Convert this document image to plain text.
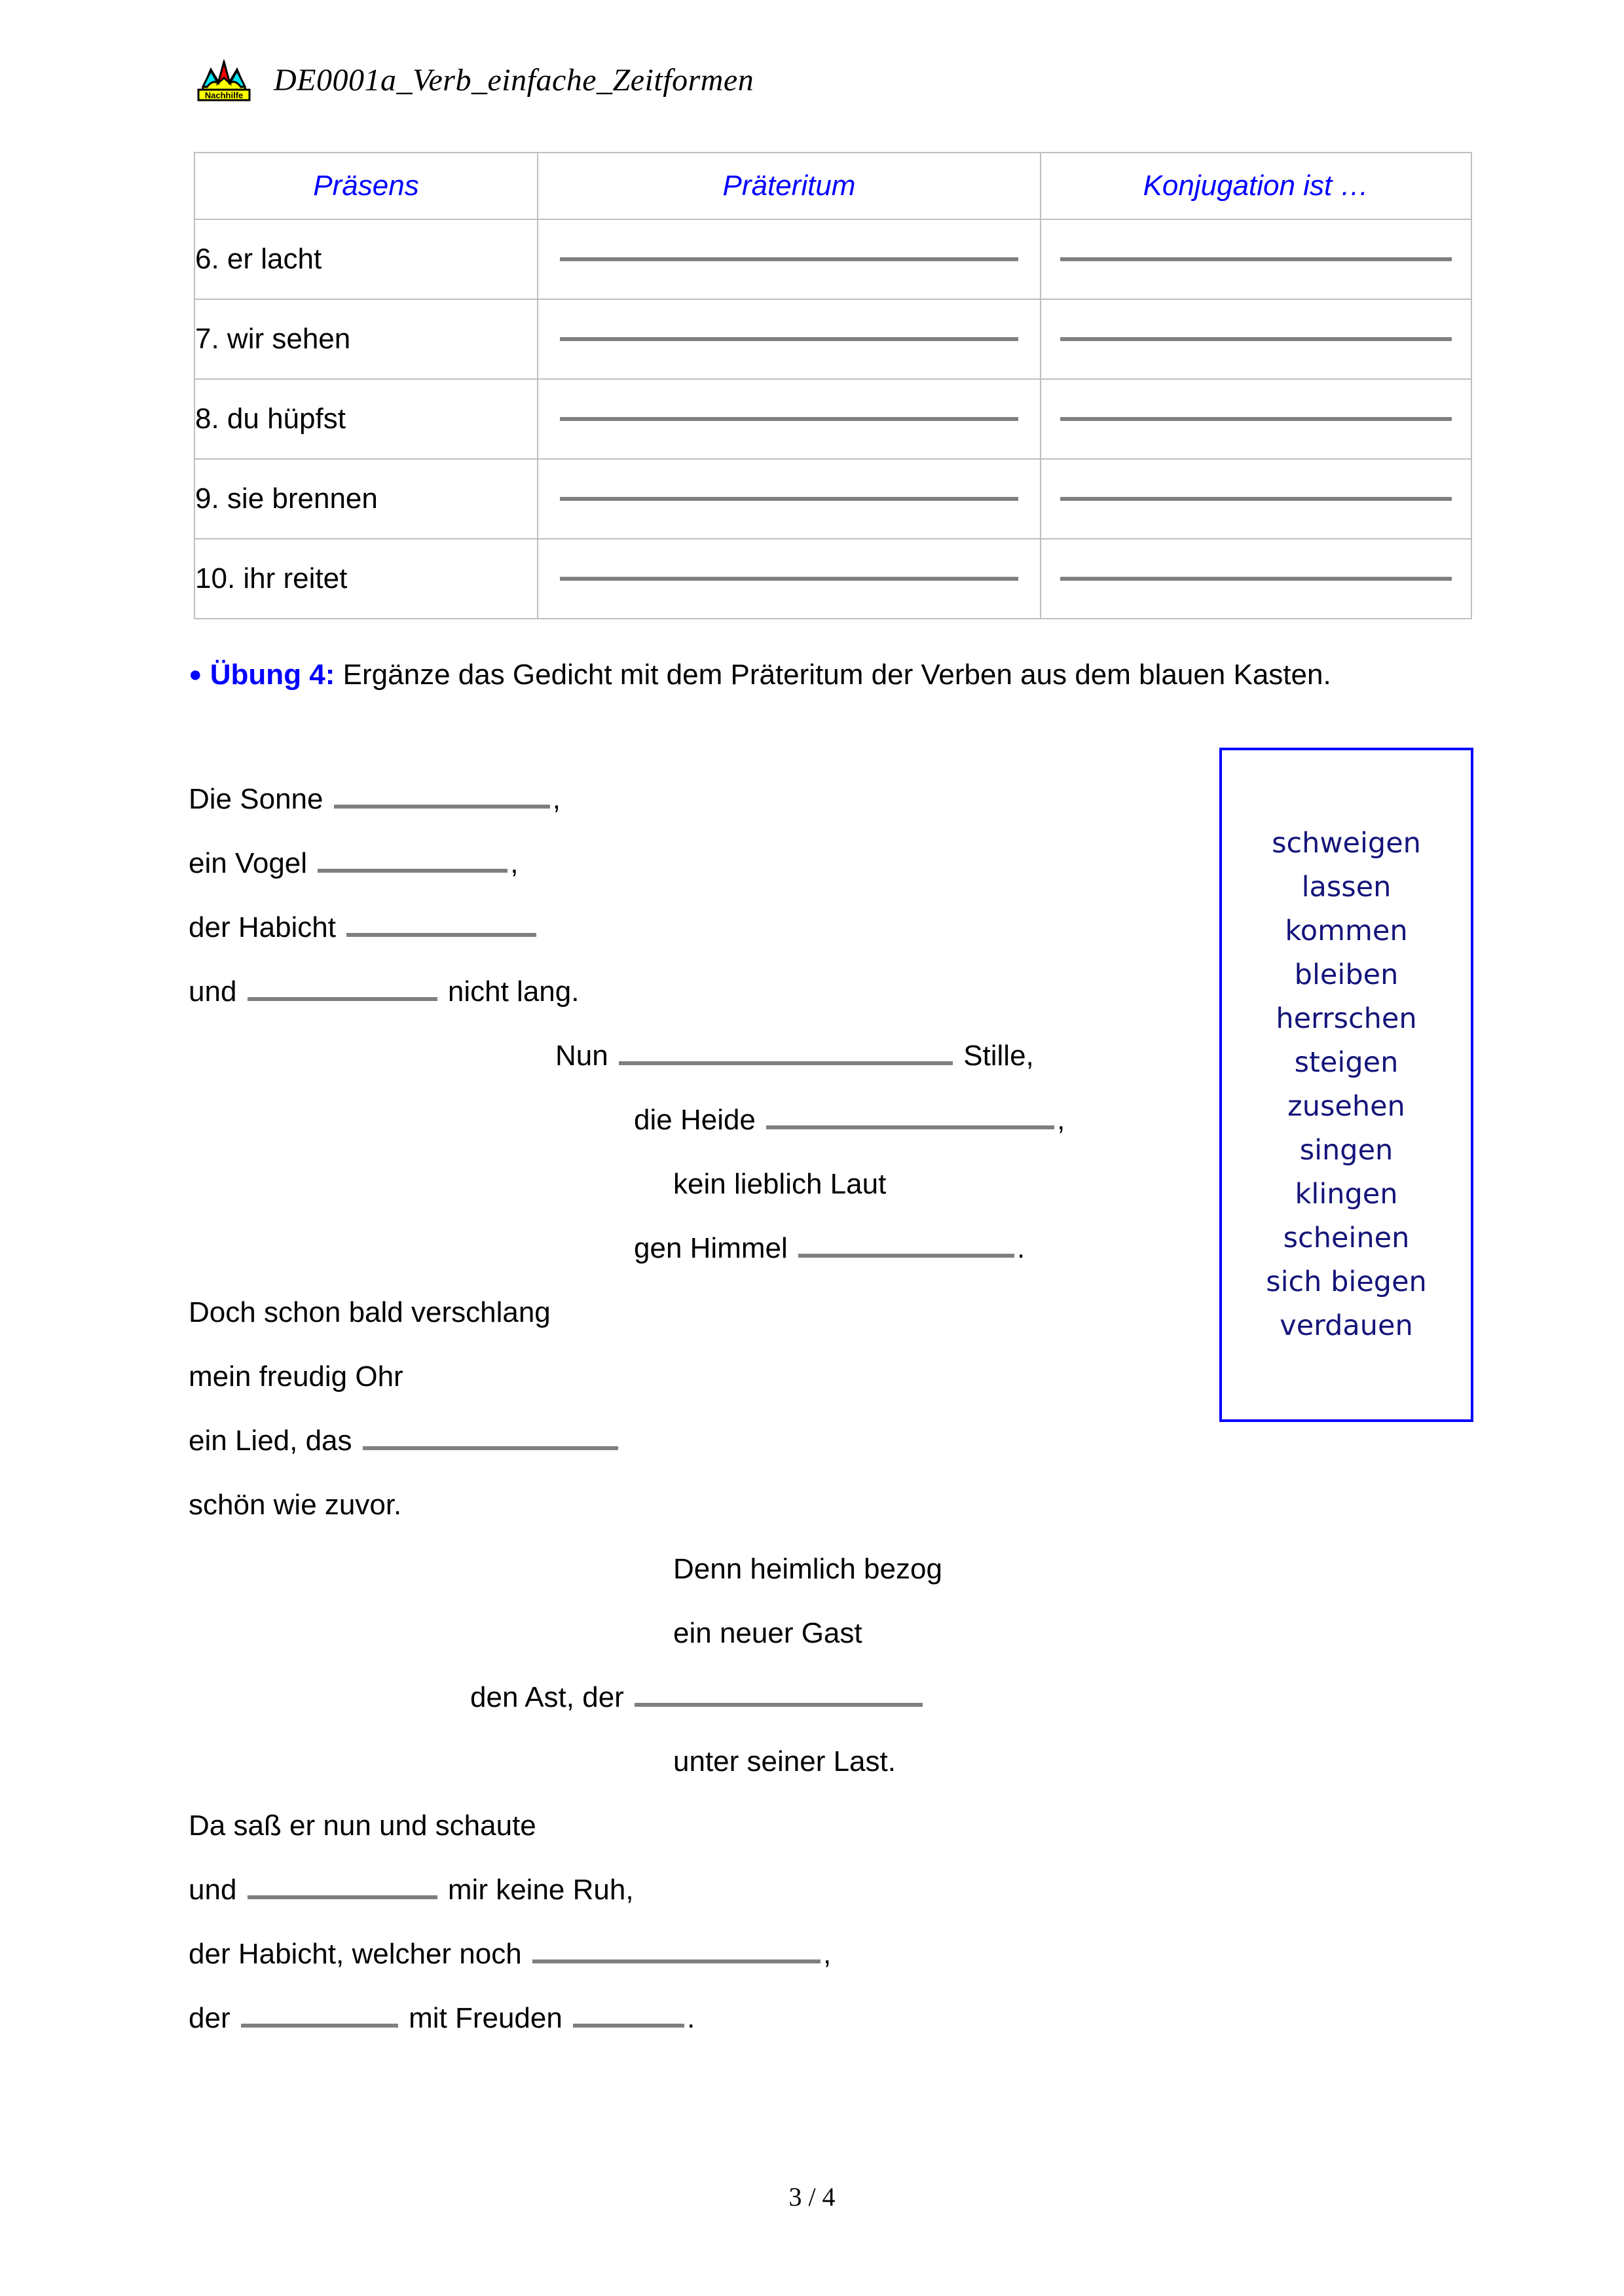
Nachhilfe DE0001a_Verb_einfache_Zeitformen
Präsens	Präteritum	Konjugation ist …
6. er lacht		
7. wir sehen		
8. du hüpfst		
9. sie brennen		
10. ihr reitet		
● Übung 4: Ergänze das Gedicht mit dem Präteritum der Verben aus dem blauen Kasten.
Die Sonne	,
ein Vogel	,
der Habicht
und	nicht lang.
Nun	Stille,
die Heide	,
kein lieblich Laut
gen Himmel	.
Doch schon bald verschlang
mein freudig Ohr
ein Lied, das
schön wie zuvor.
Denn heimlich bezog
ein neuer Gast
den Ast, der
unter seiner Last.
Da saß er nun und schaute
und	mir keine Ruh,
der Habicht, welcher noch	,
der	mit Freuden	.
schweigen
lassen
kommen
bleiben
herrschen
steigen
zusehen
singen
klingen
scheinen
sich biegen
verdauen
3 / 4
